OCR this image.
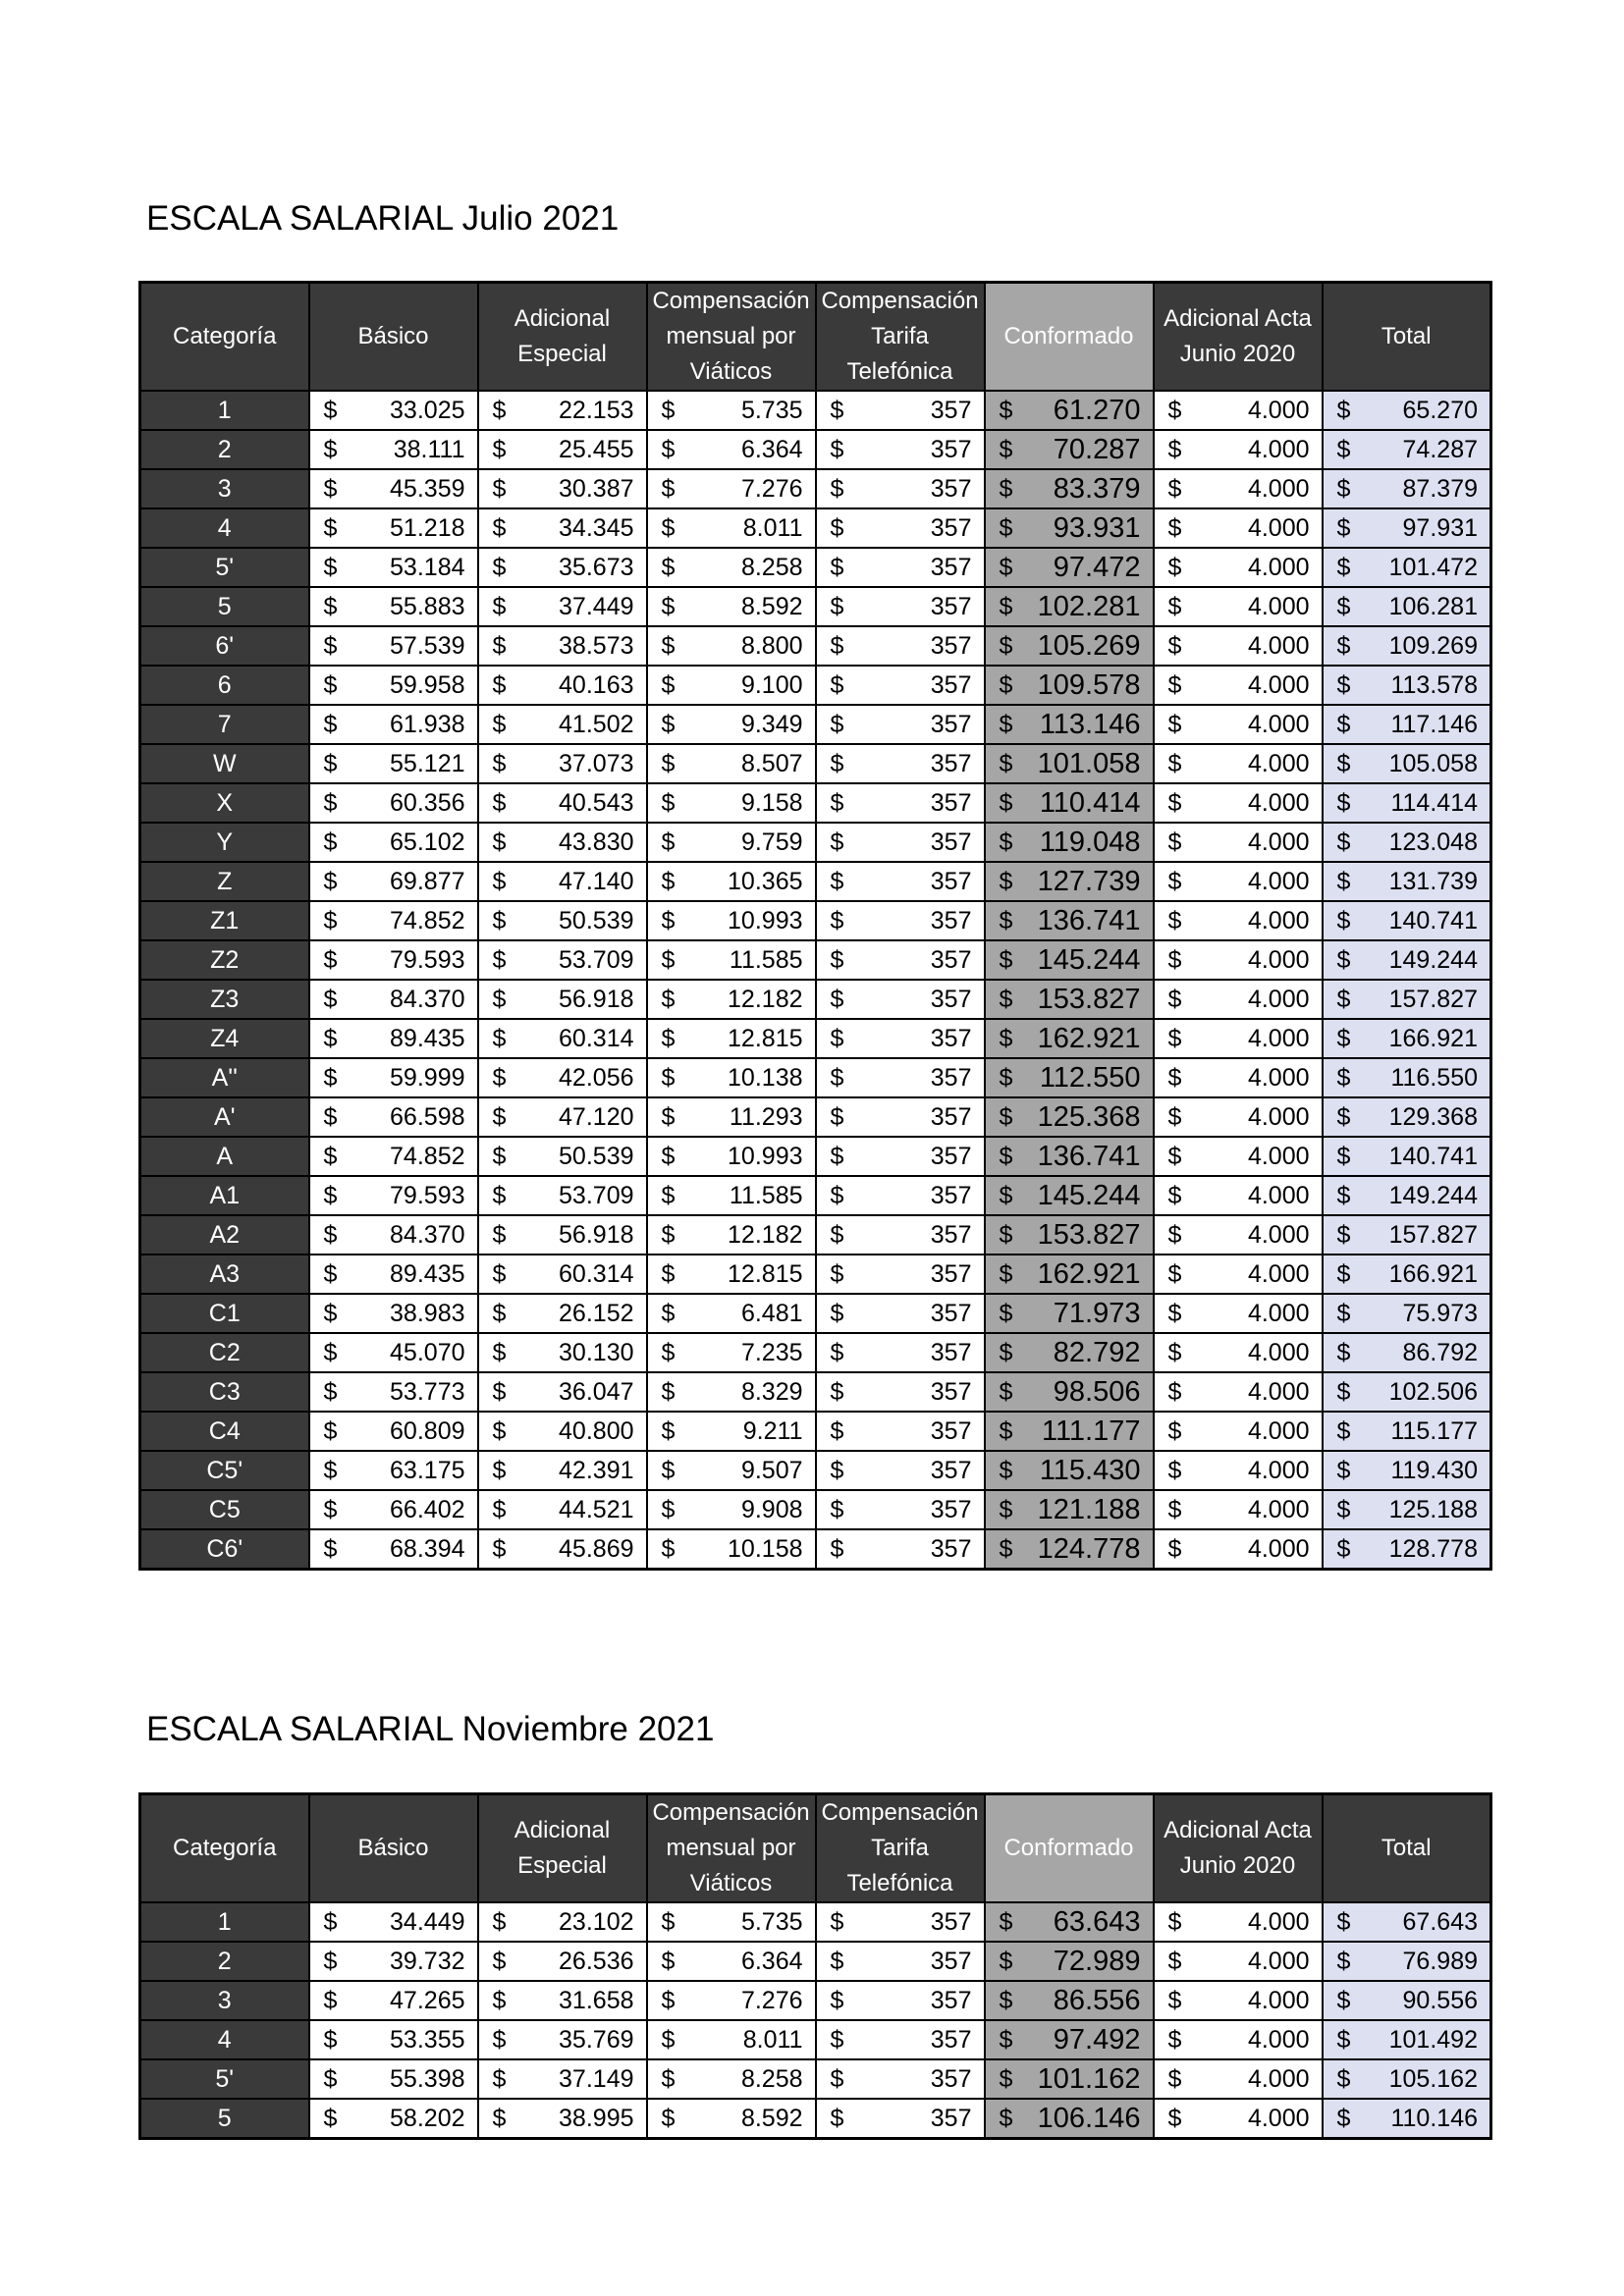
ESCALA SALARIAL Julio 2021
Categoría	Básico	Adicional Especial	Compensación mensual por Viáticos	Compensación Tarifa Telefónica	Conformado	Adicional Acta Junio 2020	Total
1	$ 33.025	$ 22.153	$ 5.735	$ 357	$ 61.270	$ 4.000	$ 65.270

2	$ 38.111	$ 25.455	$ 6.364	$ 357	$ 70.287	$ 4.000	$ 74.287

3	$ 45.359	$ 30.387	$ 7.276	$ 357	$ 83.379	$ 4.000	$ 87.379

4	$ 51.218	$ 34.345	$ 8.011	$ 357	$ 93.931	$ 4.000	$ 97.931

5'	$ 53.184	$ 35.673	$ 8.258	$ 357	$ 97.472	$ 4.000	$ 101.472

5	$ 55.883	$ 37.449	$ 8.592	$ 357	$ 102.281	$ 4.000	$ 106.281

6'	$ 57.539	$ 38.573	$ 8.800	$ 357	$ 105.269	$ 4.000	$ 109.269

6	$ 59.958	$ 40.163	$ 9.100	$ 357	$ 109.578	$ 4.000	$ 113.578

7	$ 61.938	$ 41.502	$ 9.349	$ 357	$ 113.146	$ 4.000	$ 117.146

W	$ 55.121	$ 37.073	$ 8.507	$ 357	$ 101.058	$ 4.000	$ 105.058

X	$ 60.356	$ 40.543	$ 9.158	$ 357	$ 110.414	$ 4.000	$ 114.414

Y	$ 65.102	$ 43.830	$ 9.759	$ 357	$ 119.048	$ 4.000	$ 123.048

Z	$ 69.877	$ 47.140	$ 10.365	$ 357	$ 127.739	$ 4.000	$ 131.739

Z1	$ 74.852	$ 50.539	$ 10.993	$ 357	$ 136.741	$ 4.000	$ 140.741

Z2	$ 79.593	$ 53.709	$ 11.585	$ 357	$ 145.244	$ 4.000	$ 149.244

Z3	$ 84.370	$ 56.918	$ 12.182	$ 357	$ 153.827	$ 4.000	$ 157.827

Z4	$ 89.435	$ 60.314	$ 12.815	$ 357	$ 162.921	$ 4.000	$ 166.921

A''	$ 59.999	$ 42.056	$ 10.138	$ 357	$ 112.550	$ 4.000	$ 116.550

A'	$ 66.598	$ 47.120	$ 11.293	$ 357	$ 125.368	$ 4.000	$ 129.368

A	$ 74.852	$ 50.539	$ 10.993	$ 357	$ 136.741	$ 4.000	$ 140.741

A1	$ 79.593	$ 53.709	$ 11.585	$ 357	$ 145.244	$ 4.000	$ 149.244

A2	$ 84.370	$ 56.918	$ 12.182	$ 357	$ 153.827	$ 4.000	$ 157.827

A3	$ 89.435	$ 60.314	$ 12.815	$ 357	$ 162.921	$ 4.000	$ 166.921

C1	$ 38.983	$ 26.152	$ 6.481	$ 357	$ 71.973	$ 4.000	$ 75.973

C2	$ 45.070	$ 30.130	$ 7.235	$ 357	$ 82.792	$ 4.000	$ 86.792

C3	$ 53.773	$ 36.047	$ 8.329	$ 357	$ 98.506	$ 4.000	$ 102.506

C4	$ 60.809	$ 40.800	$ 9.211	$ 357	$ 111.177	$ 4.000	$ 115.177

C5'	$ 63.175	$ 42.391	$ 9.507	$ 357	$ 115.430	$ 4.000	$ 119.430

C5	$ 66.402	$ 44.521	$ 9.908	$ 357	$ 121.188	$ 4.000	$ 125.188

C6'	$ 68.394	$ 45.869	$ 10.158	$ 357	$ 124.778	$ 4.000	$ 128.778
ESCALA SALARIAL Noviembre 2021
Categoría	Básico	Adicional Especial	Compensación mensual por Viáticos	Compensación Tarifa Telefónica	Conformado	Adicional Acta Junio 2020	Total
1	$ 34.449	$ 23.102	$ 5.735	$ 357	$ 63.643	$ 4.000	$ 67.643

2	$ 39.732	$ 26.536	$ 6.364	$ 357	$ 72.989	$ 4.000	$ 76.989

3	$ 47.265	$ 31.658	$ 7.276	$ 357	$ 86.556	$ 4.000	$ 90.556

4	$ 53.355	$ 35.769	$ 8.011	$ 357	$ 97.492	$ 4.000	$ 101.492

5'	$ 55.398	$ 37.149	$ 8.258	$ 357	$ 101.162	$ 4.000	$ 105.162

5	$ 58.202	$ 38.995	$ 8.592	$ 357	$ 106.146	$ 4.000	$ 110.146
